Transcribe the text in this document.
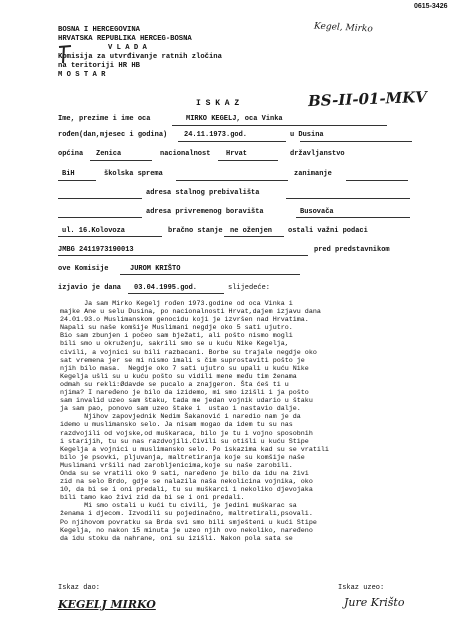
0615-3426
Kegel, Mirko

BOSNA I HERCEGOVINA
HRVATSKA REPUBLIKA HERCEG-BOSNA
V L A D A
Komisija za utvrđivanje ratnih zločina
na teritoriji HR HB
M O S T A R
BS-II-01-MKV
I S K A Z
Ime, prezime i ime oca	MIRKO KEGELJ, oca Vinka
rođen(dan,mjesec i godina) 24.11.1973.god.	u Dusina
općina Zenica	nacionalnost Hrvat	državljanstvo
BiH	školska sprema	zanimanje
adresa stalnog prebivališta
adresa privremenog boravišta	Busovača
ul. 16.Kolovoza	bračno stanje ne oženjen ostali važni podaci
JMBG 2411973190013	pred predstavnikom
ove Komisije	JUROM KRIŠTO
izjavio je dana 03.04.1995.god.	slijedeće:
Ja sam Mirko Kegelj rođen 1973.godine od oca Vinka i
majke Ane u selu Dusina, po nacionalnosti Hrvat,dajem izjavu dana
24.01.93.o Muslimanskom genocidu koji je izvršen nad Hrvatima.
Napali su naše komšije Muslimani negdje oko 5 sati ujutro.
Bio sam zbunjen i počeo sam bježati, ali pošto nismo mogli
bili smo u okruženju, sakrili smo se u kuću Nike Kegelja,
civili, a vojnici su bili razbacani. Borbe su trajale negdje oko
sat vremena jer se mi nismo imali s čim suprostaviti pošto je
njih bilo masa.  Negdje oko 7 sati ujutro su upali u kuću Nike
Kegelja ušli su u kuću pošto su vidili mene među tim ženama
odmah su rekli:Ødavde se pucalo a znajgeron. Šta ćeš ti u
njima? I naređeno je bilo da izidemo, mi smo izišli i ja pošto
sam invalid uzeo sam štaku, tada me jedan vojnik udario u štaku
ja sam pao, ponovo sam uzeo štake i  ustao i nastavio dalje.
Njihov zapovjednik Nedim Šakanović i naredio nam je da
idemo u muslimansko selo. Ja nisam mogao da idem tu su nas
razdvojili od vojske,od muškaraca, bilo je tu i vojno sposobnih
i starijih, tu su nas razdvojili.Civili su otišli u kuću Stipe
Kegelja a vojnici u muslimansko selo. Po iskazima kad su se vratili
bilo je psovki, pljuvanja, maltretiranja koje su komšije naše
Muslimani vršili nad zarobljenicima,koje su naše zarobili.
Onda su se vratili oko 9 sati, naređeno je bilo da idu na živi
zid na selo Brdo, gdje se nalazila naša nekolicina vojnika, oko
10, da bi se i oni predali, tu su muškarci i nekoliko djevojaka
bili tamo kao živi zid da bi se i oni predali.
Mi smo ostali u kući tu civili, je jedini muškarac sa
ženama i djecom. Izvodili su pojedinačno, maltretirali,psovali.
Po njihovom povratku sa Brda svi smo bili smješteni u kući Stipe
Kegelja, no nakon 15 minuta je uzeo njih ovo nekoliko, naređeno
da idu stoku da nahrane, oni su izišli. Nakon pola sata se
Iskaz dao:	Iskaz uzeo:
KEGELJ MIRKO	Jure Krišto
